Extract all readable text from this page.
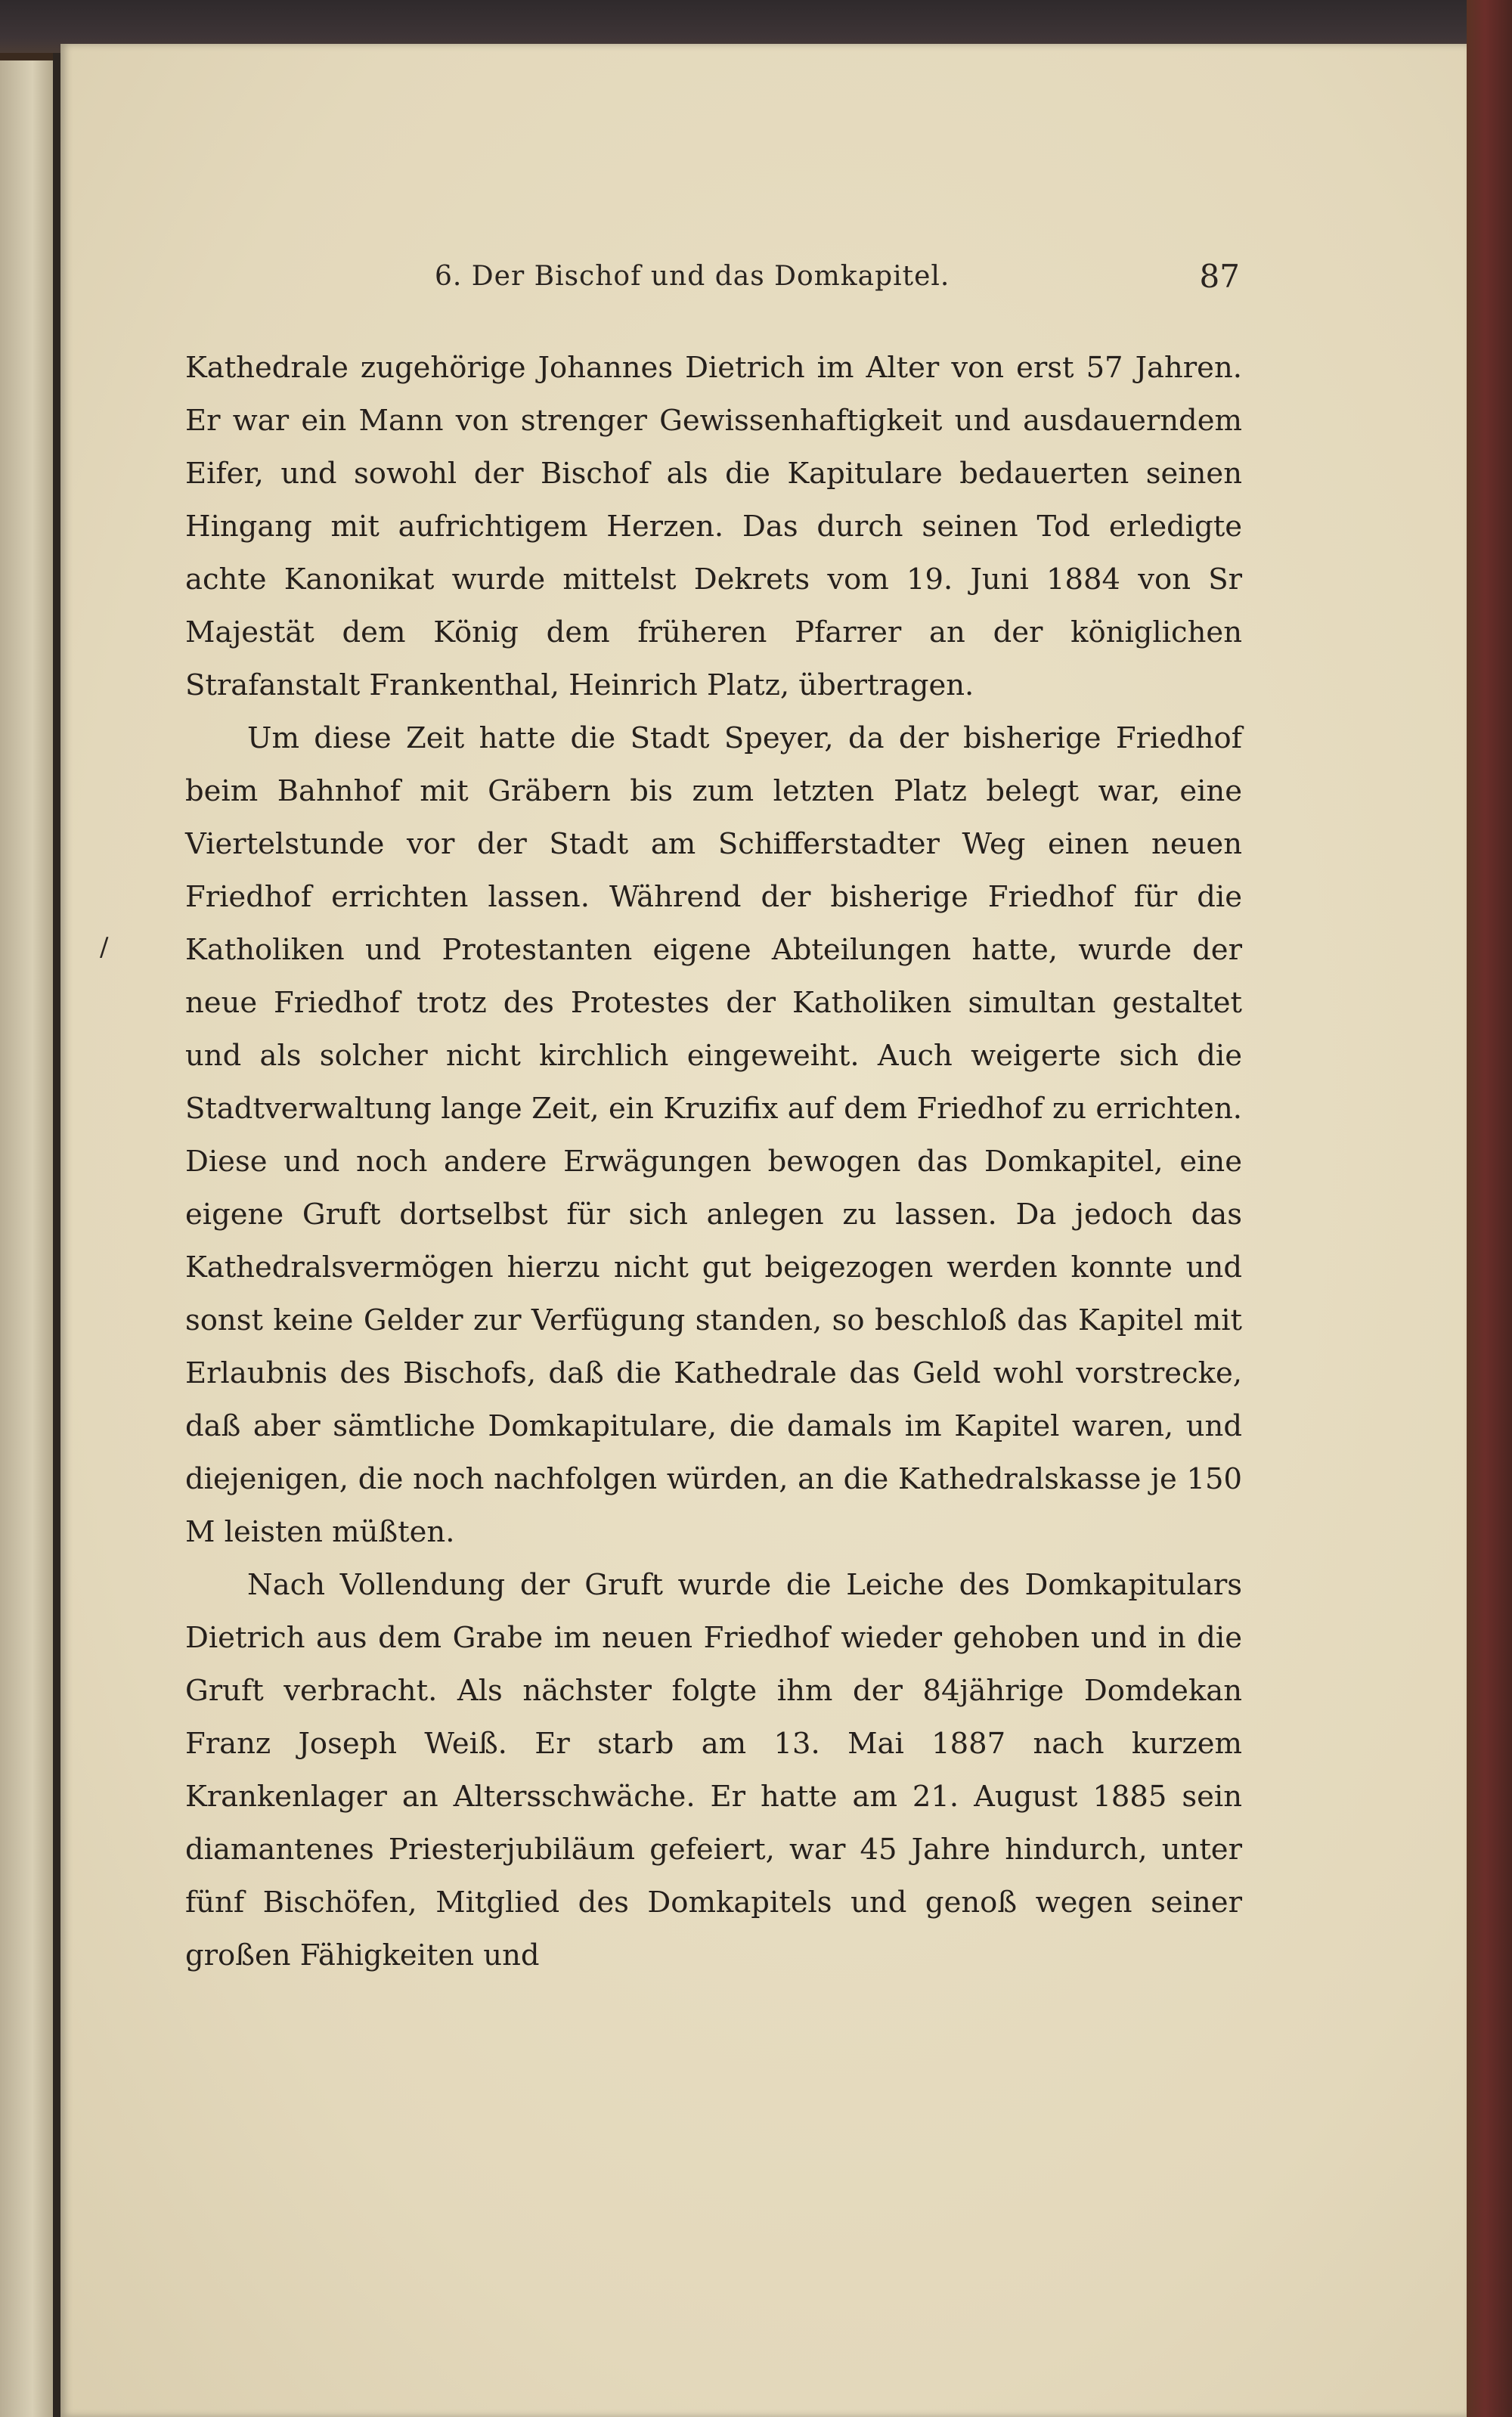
6. Der Bischof und das Domkapitel.	87
/

Kathedrale zugehörige Johannes Dietrich im Alter von erst 57 Jahren. Er war ein Mann von strenger Gewissenhaftigkeit und ausdauerndem Eifer, und sowohl der Bischof als die Kapitulare bedauerten seinen Hingang mit aufrichtigem Herzen. Das durch seinen Tod erledigte achte Kanonikat wurde mittelst Dekrets vom 19. Juni 1884 von Sr Majestät dem König dem früheren Pfarrer an der königlichen Strafanstalt Frankenthal, Heinrich Platz, übertragen.

Um diese Zeit hatte die Stadt Speyer, da der bisherige Friedhof beim Bahnhof mit Gräbern bis zum letzten Platz belegt war, eine Viertelstunde vor der Stadt am Schifferstadter Weg einen neuen Friedhof errichten lassen. Während der bisherige Friedhof für die Katholiken und Protestanten eigene Abteilungen hatte, wurde der neue Friedhof trotz des Protestes der Katholiken simultan gestaltet und als solcher nicht kirchlich eingeweiht. Auch weigerte sich die Stadtverwaltung lange Zeit, ein Kruzifix auf dem Friedhof zu errichten. Diese und noch andere Erwägungen bewogen das Domkapitel, eine eigene Gruft dortselbst für sich anlegen zu lassen. Da jedoch das Kathedralsvermögen hierzu nicht gut beigezogen werden konnte und sonst keine Gelder zur Verfügung standen, so beschloß das Kapitel mit Erlaubnis des Bischofs, daß die Kathedrale das Geld wohl vorstrecke, daß aber sämtliche Domkapitulare, die damals im Kapitel waren, und diejenigen, die noch nachfolgen würden, an die Kathedralskasse je 150 M leisten müßten.

Nach Vollendung der Gruft wurde die Leiche des Domkapitulars Dietrich aus dem Grabe im neuen Friedhof wieder gehoben und in die Gruft verbracht. Als nächster folgte ihm der 84jährige Domdekan Franz Joseph Weiß. Er starb am 13. Mai 1887 nach kurzem Krankenlager an Altersschwäche. Er hatte am 21. August 1885 sein diamantenes Priesterjubiläum gefeiert, war 45 Jahre hindurch, unter fünf Bischöfen, Mitglied des Domkapitels und genoß wegen seiner großen Fähigkeiten und
